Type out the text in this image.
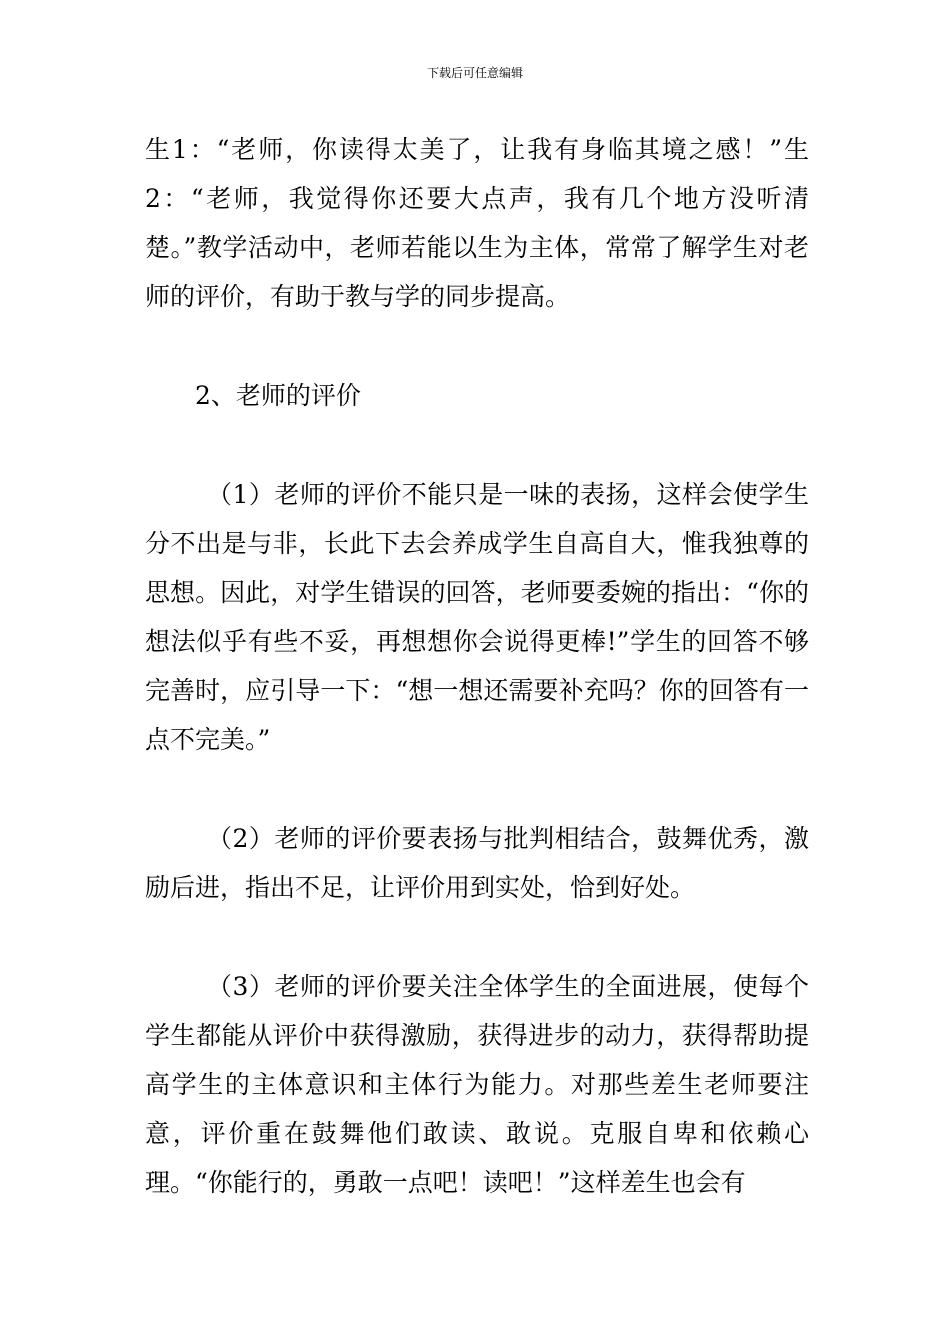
下载后可任意编辑

生1：“老师，你读得太美了，让我有身临其境之感！”生2：“老师，我觉得你还要大点声，我有几个地方没听清楚。”教学活动中，老师若能以生为主体，常常了解学生对老师的评价，有助于教与学的同步提高。

2、老师的评价

（1）老师的评价不能只是一味的表扬，这样会使学生分不出是与非，长此下去会养成学生自高自大，惟我独尊的思想。因此，对学生错误的回答，老师要委婉的指出：“你的想法似乎有些不妥，再想想你会说得更棒!”学生的回答不够完善时，应引导一下：“想一想还需要补充吗？你的回答有一点不完美。”

（2）老师的评价要表扬与批判相结合，鼓舞优秀，激励后进，指出不足，让评价用到实处，恰到好处。

（3）老师的评价要关注全体学生的全面进展，使每个学生都能从评价中获得激励，获得进步的动力，获得帮助提高学生的主体意识和主体行为能力。对那些差生老师要注意，评价重在鼓舞他们敢读、敢说。克服自卑和依赖心理。“你能行的，勇敢一点吧！读吧！”这样差生也会有
